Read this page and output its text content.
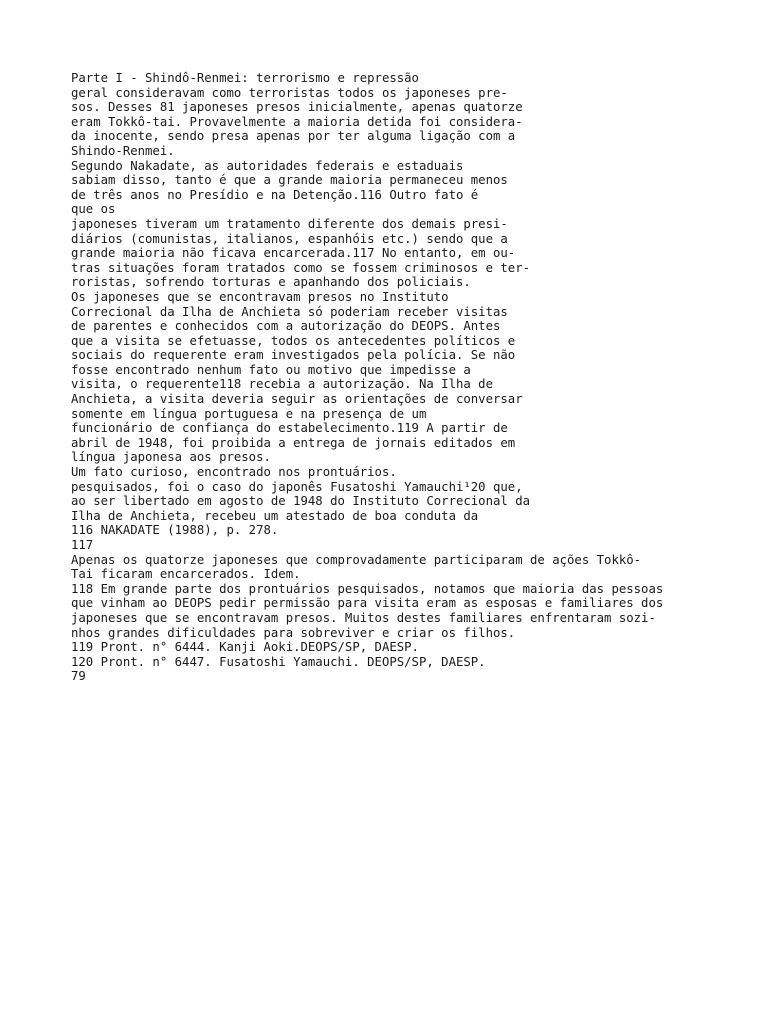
Parte I - Shindô-Renmei: terrorismo e repressão

geral consideravam como terroristas todos os japoneses pre-

sos. Desses 81 japoneses presos inicialmente, apenas quatorze

eram Tokkô-tai. Provavelmente a maioria detida foi considera-

da inocente, sendo presa apenas por ter alguma ligação com a

Shindo-Renmei.

Segundo Nakadate, as autoridades federais e estaduais

sabiam disso, tanto é que a grande maioria permaneceu menos

de três anos no Presídio e na Detenção.116 Outro fato é

que os

japoneses tiveram um tratamento diferente dos demais presi-

diários (comunistas, italianos, espanhóis etc.) sendo que a

grande maioria não ficava encarcerada.117 No entanto, em ou-

tras situações foram tratados como se fossem criminosos e ter-

roristas, sofrendo torturas e apanhando dos policiais.

Os japoneses que se encontravam presos no Instituto

Correcional da Ilha de Anchieta só poderiam receber visitas

de parentes e conhecidos com a autorização do DEOPS. Antes

que a visita se efetuasse, todos os antecedentes políticos e

sociais do requerente eram investigados pela polícia. Se não

fosse encontrado nenhum fato ou motivo que impedisse a

visita, o requerente118 recebia a autorização. Na Ilha de

Anchieta, a visita deveria seguir as orientações de conversar

somente em língua portuguesa e na presença de um

funcionário de confiança do estabelecimento.119 A partir de

abril de 1948, foi proibida a entrega de jornais editados em

língua japonesa aos presos.

Um fato curioso, encontrado nos prontuários.

pesquisados, foi o caso do japonês Fusatoshi Yamauchi¹20 que,

ao ser libertado em agosto de 1948 do Instituto Correcional da

Ilha de Anchieta, recebeu um atestado de boa conduta da

116 NAKADATE (1988), p. 278.

117

Apenas os quatorze japoneses que comprovadamente participaram de ações Tokkô-

Tai ficaram encarcerados. Idem.

118 Em grande parte dos prontuários pesquisados, notamos que maioria das pessoas

que vinham ao DEOPS pedir permissão para visita eram as esposas e familiares dos

japoneses que se encontravam presos. Muitos destes familiares enfrentaram sozi-

nhos grandes dificuldades para sobreviver e criar os filhos.

119 Pront. n° 6444. Kanji Aoki.DEOPS/SP, DAESP.

120 Pront. n° 6447. Fusatoshi Yamauchi. DEOPS/SP, DAESP.

79
